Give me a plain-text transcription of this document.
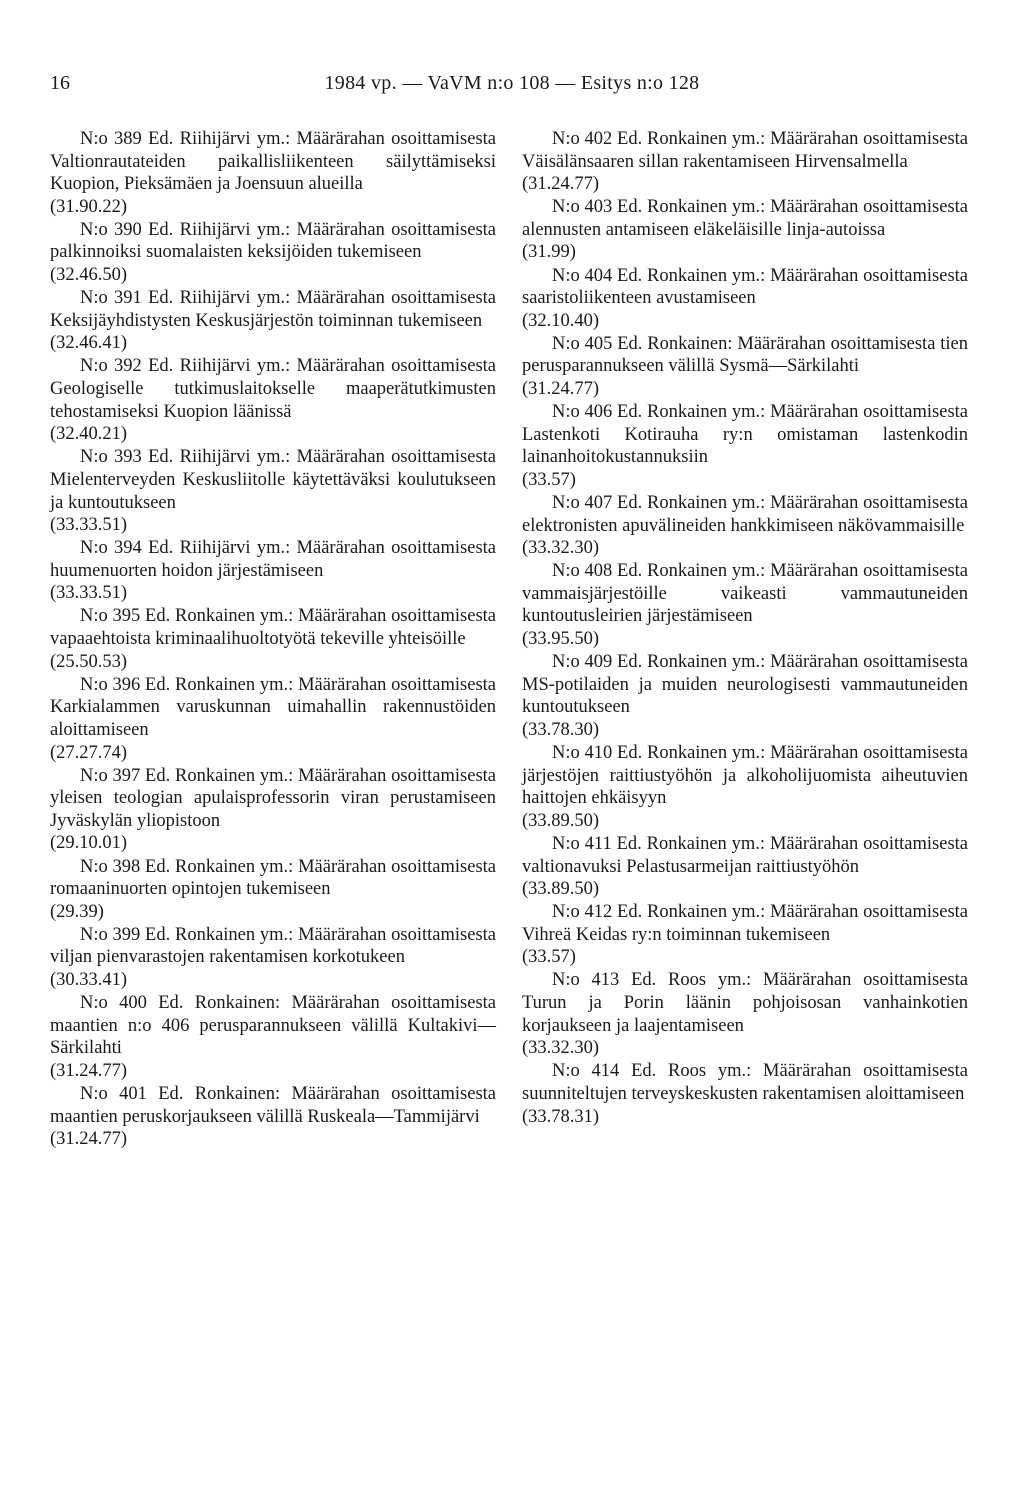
16	1984 vp. — VaVM n:o 108 — Esitys n:o 128

N:o 389 Ed. Riihijärvi ym.: Määrärahan osoittamisesta Valtionrautateiden paikallisliikenteen säilyttämiseksi Kuopion, Pieksämäen ja Joensuun alueilla

(31.90.22)

N:o 390 Ed. Riihijärvi ym.: Määrärahan osoittamisesta palkinnoiksi suomalaisten keksijöiden tukemiseen

(32.46.50)

N:o 391 Ed. Riihijärvi ym.: Määrärahan osoittamisesta Keksijäyhdistysten Keskusjärjestön toiminnan tukemiseen

(32.46.41)

N:o 392 Ed. Riihijärvi ym.: Määrärahan osoittamisesta Geologiselle tutkimuslaitokselle maaperätutkimusten tehostamiseksi Kuopion läänissä

(32.40.21)

N:o 393 Ed. Riihijärvi ym.: Määrärahan osoittamisesta Mielenterveyden Keskusliitolle käytettäväksi koulutukseen ja kuntoutukseen

(33.33.51)

N:o 394 Ed. Riihijärvi ym.: Määrärahan osoittamisesta huumenuorten hoidon järjestämiseen

(33.33.51)

N:o 395 Ed. Ronkainen ym.: Määrärahan osoittamisesta vapaaehtoista kriminaalihuoltotyötä tekeville yhteisöille

(25.50.53)

N:o 396 Ed. Ronkainen ym.: Määrärahan osoittamisesta Karkialammen varuskunnan uimahallin rakennustöiden aloittamiseen

(27.27.74)

N:o 397 Ed. Ronkainen ym.: Määrärahan osoittamisesta yleisen teologian apulaisprofessorin viran perustamiseen Jyväskylän yliopistoon

(29.10.01)

N:o 398 Ed. Ronkainen ym.: Määrärahan osoittamisesta romaaninuorten opintojen tukemiseen

(29.39)

N:o 399 Ed. Ronkainen ym.: Määrärahan osoittamisesta viljan pienvarastojen rakentamisen korkotukeen

(30.33.41)

N:o 400 Ed. Ronkainen: Määrärahan osoittamisesta maantien n:o 406 perusparannukseen välillä Kultakivi—Särkilahti

(31.24.77)

N:o 401 Ed. Ronkainen: Määrärahan osoittamisesta maantien peruskorjaukseen välillä Ruskeala—Tammijärvi

(31.24.77)

N:o 402 Ed. Ronkainen ym.: Määrärahan osoittamisesta Väisälänsaaren sillan rakentamiseen Hirvensalmella

(31.24.77)

N:o 403 Ed. Ronkainen ym.: Määrärahan osoittamisesta alennusten antamiseen eläkeläisille linja-autoissa

(31.99)

N:o 404 Ed. Ronkainen ym.: Määrärahan osoittamisesta saaristoliikenteen avustamiseen

(32.10.40)

N:o 405 Ed. Ronkainen: Määrärahan osoittamisesta tien perusparannukseen välillä Sysmä—Särkilahti

(31.24.77)

N:o 406 Ed. Ronkainen ym.: Määrärahan osoittamisesta Lastenkoti Kotirauha ry:n omistaman lastenkodin lainanhoitokustannuksiin

(33.57)

N:o 407 Ed. Ronkainen ym.: Määrärahan osoittamisesta elektronisten apuvälineiden hankkimiseen näkövammaisille

(33.32.30)

N:o 408 Ed. Ronkainen ym.: Määrärahan osoittamisesta vammaisjärjestöille vaikeasti vammautuneiden kuntoutusleirien järjestämiseen

(33.95.50)

N:o 409 Ed. Ronkainen ym.: Määrärahan osoittamisesta MS-potilaiden ja muiden neurologisesti vammautuneiden kuntoutukseen

(33.78.30)

N:o 410 Ed. Ronkainen ym.: Määrärahan osoittamisesta järjestöjen raittiustyöhön ja alkoholijuomista aiheutuvien haittojen ehkäisyyn

(33.89.50)

N:o 411 Ed. Ronkainen ym.: Määrärahan osoittamisesta valtionavuksi Pelastusarmeijan raittiustyöhön

(33.89.50)

N:o 412 Ed. Ronkainen ym.: Määrärahan osoittamisesta Vihreä Keidas ry:n toiminnan tukemiseen

(33.57)

N:o 413 Ed. Roos ym.: Määrärahan osoittamisesta Turun ja Porin läänin pohjoisosan vanhainkotien korjaukseen ja laajentamiseen

(33.32.30)

N:o 414 Ed. Roos ym.: Määrärahan osoittamisesta suunniteltujen terveyskeskusten rakentamisen aloittamiseen

(33.78.31)
